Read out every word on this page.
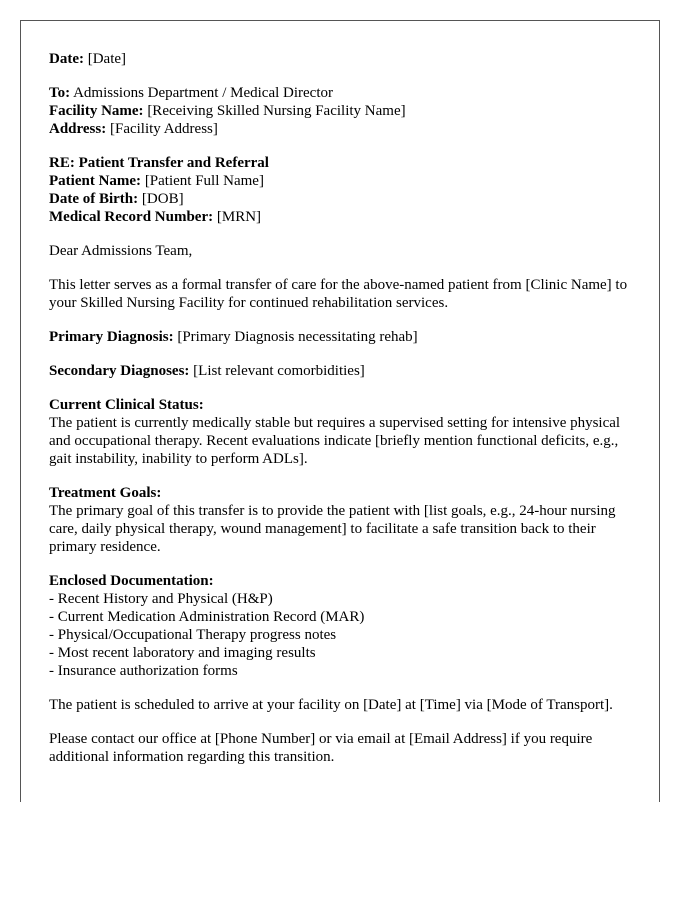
Date: [Date]
To: Admissions Department / Medical Director
Facility Name: [Receiving Skilled Nursing Facility Name]
Address: [Facility Address]
RE: Patient Transfer and Referral
Patient Name: [Patient Full Name]
Date of Birth: [DOB]
Medical Record Number: [MRN]

Dear Admissions Team,

This letter serves as a formal transfer of care for the above-named patient from [Clinic Name] to your Skilled Nursing Facility for continued rehabilitation services.

Primary Diagnosis: [Primary Diagnosis necessitating rehab]

Secondary Diagnoses: [List relevant comorbidities]

Current Clinical Status:
The patient is currently medically stable but requires a supervised setting for intensive physical and occupational therapy. Recent evaluations indicate [briefly mention functional deficits, e.g., gait instability, inability to perform ADLs].
Treatment Goals:
The primary goal of this transfer is to provide the patient with [list goals, e.g., 24-hour nursing care, daily physical therapy, wound management] to facilitate a safe transition back to their primary residence.
Enclosed Documentation:
- Recent History and Physical (H&P)
- Current Medication Administration Record (MAR)
- Physical/Occupational Therapy progress notes
- Most recent laboratory and imaging results
- Insurance authorization forms

The patient is scheduled to arrive at your facility on [Date] at [Time] via [Mode of Transport].

Please contact our office at [Phone Number] or via email at [Email Address] if you require additional information regarding this transition.
